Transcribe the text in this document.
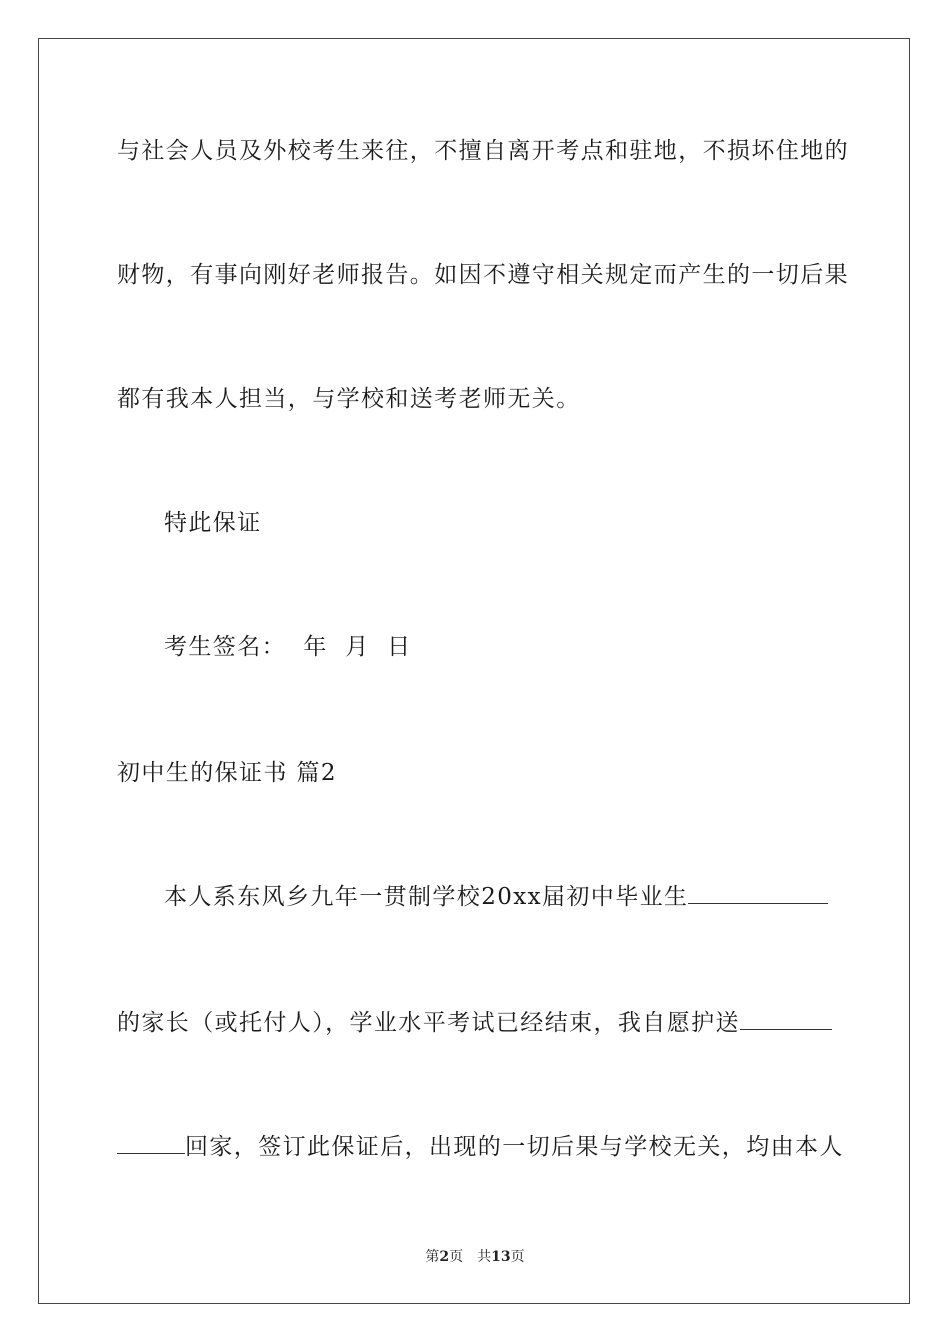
与社会人员及外校考生来往，不擅自离开考点和驻地，不损坏住地的
财物，有事向刚好老师报告。如因不遵守相关规定而产生的一切后果
都有我本人担当，与学校和送考老师无关。
特此保证
考生签名：  年  月  日
初中生的保证书 篇2
本人系东风乡九年一贯制学校20xx届初中毕业生
的家长（或托付人），学业水平考试已经结束，我自愿护送
回家，签订此保证后，出现的一切后果与学校无关，均由本人
第2页 共13页
